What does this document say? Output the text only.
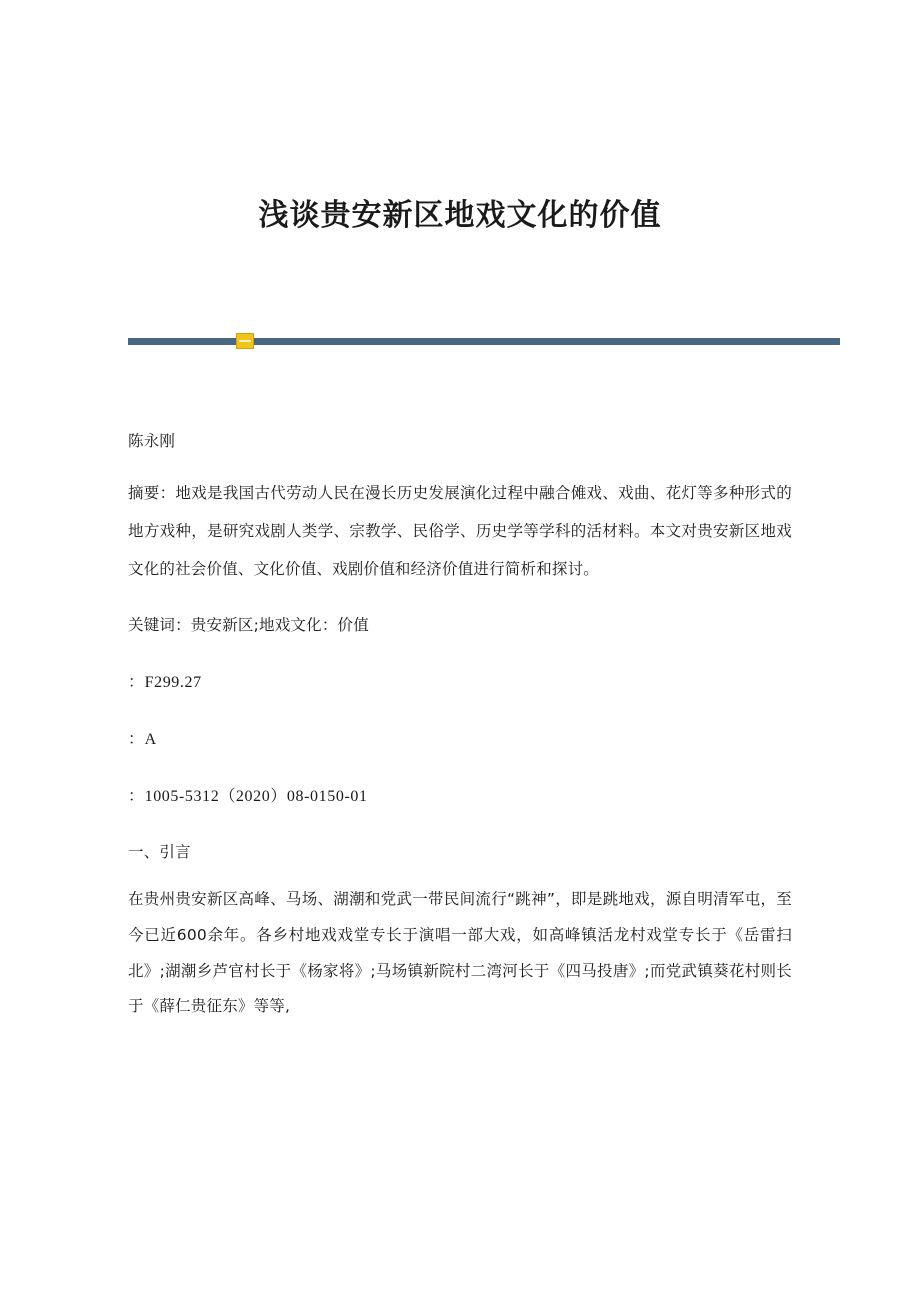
浅谈贵安新区地戏文化的价值

陈永刚

摘要：地戏是我国古代劳动人民在漫长历史发展演化过程中融合傩戏、戏曲、花灯等多种形式的地方戏种，是研究戏剧人类学、宗教学、民俗学、历史学等学科的活材料。本文对贵安新区地戏文化的社会价值、文化价值、戏剧价值和经济价值进行简析和探讨。

关键词：贵安新区;地戏文化：价值

：F299.27

：A

：1005-5312（2020）08-0150-01

一、引言

在贵州贵安新区高峰、马场、湖潮和党武一带民间流行“跳神”，即是跳地戏，源自明清军屯，至今已近600余年。各乡村地戏戏堂专长于演唱一部大戏，如高峰镇活龙村戏堂专长于《岳雷扫北》;湖潮乡芦官村长于《杨家将》;马场镇新院村二湾河长于《四马投唐》;而党武镇葵花村则长于《薛仁贵征东》等等,
